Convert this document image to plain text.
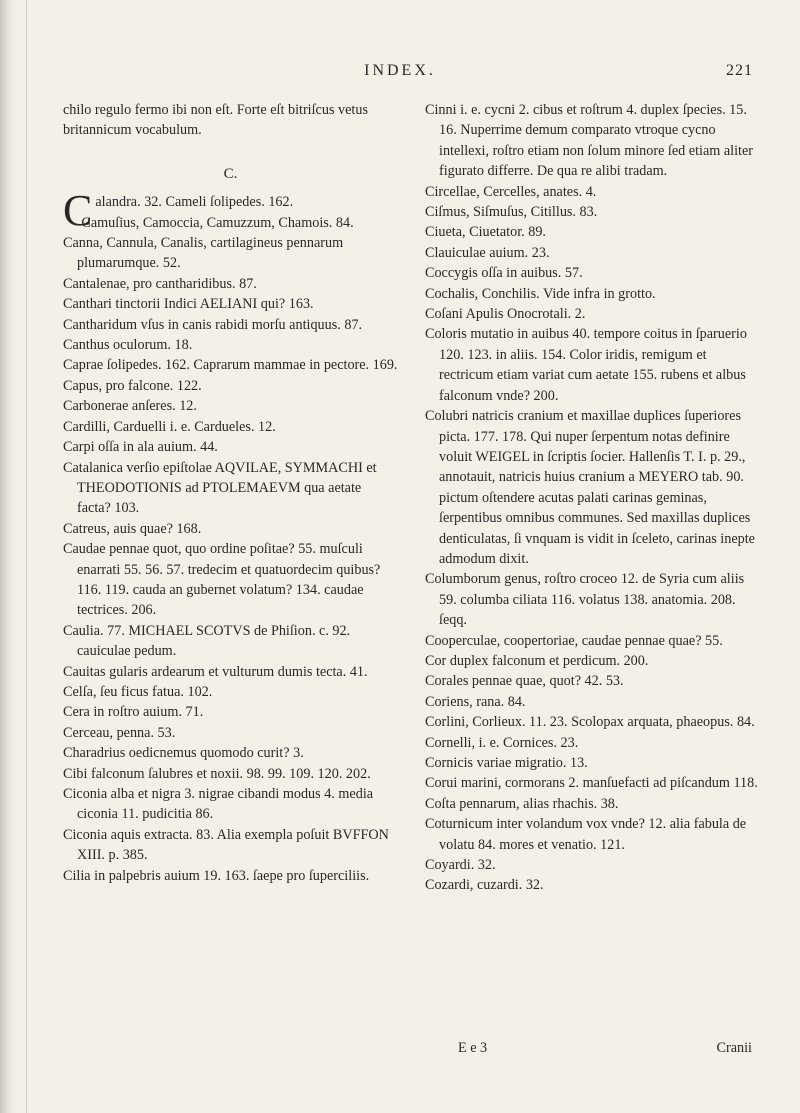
INDEX.	221
chilo regulo fermo ibi non eſt. Forte eſt bitriſcus vetus britannicum vocabulum.
C.
Calandra. 32. Cameli ſolipedes. 162.
Camuſius, Camoccia, Camuzzum, Chamois. 84.
Canna, Cannula, Canalis, cartilagineus pennarum plumarumque. 52.
Cantalenae, pro cantharidibus. 87.
Canthari tinctorii Indici AELIANI qui? 163.
Cantharidum vſus in canis rabidi morſu antiquus. 87.
Canthus oculorum. 18.
Caprae ſolipedes. 162. Caprarum mammae in pectore. 169.
Capus, pro falcone. 122.
Carbonerae anſeres. 12.
Cardilli, Carduelli i. e. Cardueles. 12.
Carpi oſſa in ala auium. 44.
Catalanica verſio epiſtolae AQVILAE, SYMMACHI et THEODOTIONIS ad PTOLEMAEVM qua aetate facta? 103.
Catreus, auis quae? 168.
Caudae pennae quot, quo ordine poſitae? 55. muſculi enarrati 55. 56. 57. tredecim et quatuordecim quibus? 116. 119. cauda an gubernet volatum? 134. caudae tectrices. 206.
Caulia. 77. MICHAEL SCOTVS de Phiſion. c. 92. cauiculae pedum.
Cauitas gularis ardearum et vulturum dumis tecta. 41.
Celſa, ſeu ficus fatua. 102.
Cera in roſtro auium. 71.
Cerceau, penna. 53.
Charadrius oedicnemus quomodo curit? 3.
Cibi falconum ſalubres et noxii. 98. 99. 109. 120. 202.
Ciconia alba et nigra 3. nigrae cibandi modus 4. media ciconia 11. pudicitia 86.
Ciconia aquis extracta. 83. Alia exempla poſuit BVFFON XIII. p. 385.
Cilia in palpebris auium 19. 163. ſaepe pro ſuperciliis.
Cinni i. e. cycni 2. cibus et roſtrum 4. duplex ſpecies. 15. 16. Nuperrime demum comparato vtroque cycno intellexi, roſtro etiam non ſolum minore ſed etiam aliter figurato differre. De qua re alibi tradam.
Circellae, Cercelles, anates. 4.
Ciſmus, Siſmuſus, Citillus. 83.
Ciueta, Ciuetator. 89.
Clauiculae auium. 23.
Coccygis oſſa in auibus. 57.
Cochalis, Conchilis. Vide infra in grotto.
Coſani Apulis Onocrotali. 2.
Coloris mutatio in auibus 40. tempore coitus in ſparuerio 120. 123. in aliis. 154. Color iridis, remigum et rectricum etiam variat cum aetate 155. rubens et albus falconum vnde? 200.
Colubri natricis cranium et maxillae duplices ſuperiores picta. 177. 178. Qui nuper ſerpentum notas definire voluit WEIGEL in ſcriptis ſocier. Hallenſis T. I. p. 29., annotauit, natricis huius cranium a MEYERO tab. 90. pictum oſtendere acutas palati carinas geminas, ſerpentibus omnibus communes. Sed maxillas duplices denticulatas, ſi vnquam is vidit in ſceleto, carinas inepte admodum dixit.
Columborum genus, roſtro croceo 12. de Syria cum aliis 59. columba ciliata 116. volatus 138. anatomia. 208. ſeqq.
Cooperculae, coopertoriae, caudae pennae quae? 55.
Cor duplex falconum et perdicum. 200.
Corales pennae quae, quot? 42. 53.
Coriens, rana. 84.
Corlini, Corlieux. 11. 23. Scolopax arquata, phaeopus. 84.
Cornelli, i. e. Cornices. 23.
Cornicis variae migratio. 13.
Corui marini, cormorans 2. manſuefacti ad piſcandum 118.
Coſta pennarum, alias rhachis. 38.
Coturnicum inter volandum vox vnde? 12. alia fabula de volatu 84. mores et venatio. 121.
Coyardi. 32.
Cozardi, cuzardi. 32.
E e 3	Cranii
